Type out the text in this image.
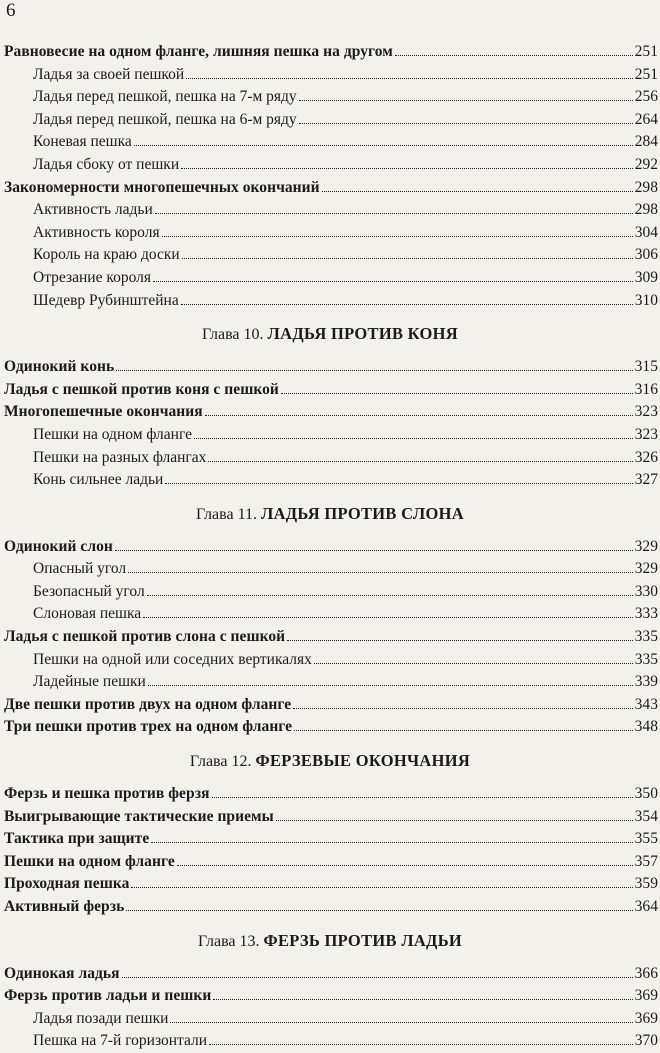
6
Равновесие на одном фланге, лишняя пешка на другом	251
Ладья за своей пешкой	251
Ладья перед пешкой, пешка на 7-м ряду	256
Ладья перед пешкой, пешка на 6-м ряду	264
Коневая пешка	284
Ладья сбоку от пешки	292
Закономерности многопешечных окончаний	298
Активность ладьи	298
Активность короля	304
Король на краю доски	306
Отрезание короля	309
Шедевр Рубинштейна	310
Глава 10. ЛАДЬЯ ПРОТИВ КОНЯ
Одинокий конь	315
Ладья с пешкой против коня с пешкой	316
Многопешечные окончания	323
Пешки на одном фланге	323
Пешки на разных флангах	326
Конь сильнее ладьи	327
Глава 11. ЛАДЬЯ ПРОТИВ СЛОНА
Одинокий слон	329
Опасный угол	329
Безопасный угол	330
Слоновая пешка	333
Ладья с пешкой против слона с пешкой	335
Пешки на одной или соседних вертикалях	335
Ладейные пешки	339
Две пешки против двух на одном фланге	343
Три пешки против трех на одном фланге	348
Глава 12. ФЕРЗЕВЫЕ ОКОНЧАНИЯ
Ферзь и пешка против ферзя	350
Выигрывающие тактические приемы	354
Тактика при защите	355
Пешки на одном фланге	357
Проходная пешка	359
Активный ферзь	364
Глава 13. ФЕРЗЬ ПРОТИВ ЛАДЬИ
Одинокая ладья	366
Ферзь против ладьи и пешки	369
Ладья позади пешки	369
Пешка на 7-й горизонтали	370
